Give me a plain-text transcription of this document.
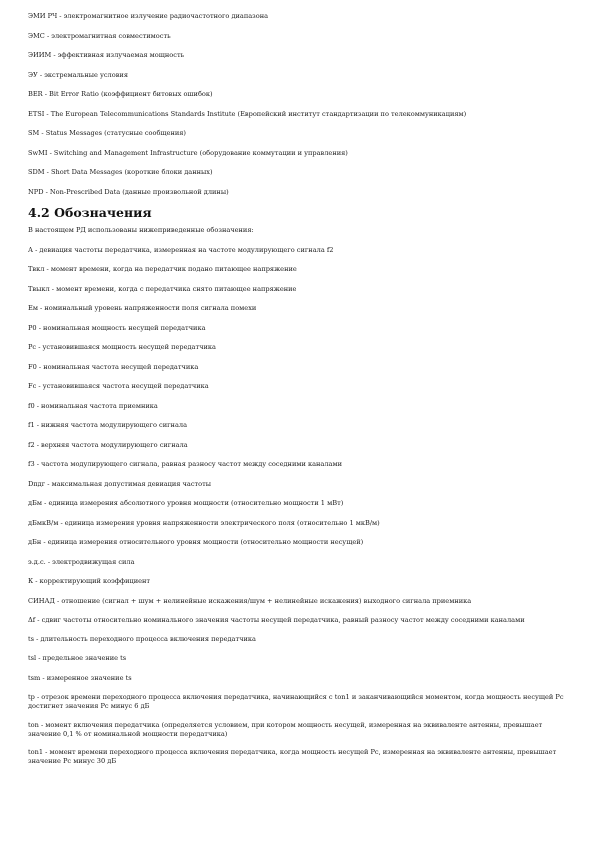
ЭМИ РЧ - электромагнитное излучение радиочастотного диапазона

ЭМС - электромагнитная совместимость

ЭИИМ - эффективная излучаемая мощность

ЭУ - экстремальные условия

BER - Bit Error Ratio (коэффициент битовых ошибок)

ETSI - The European Telecommunications Standards Institute (Европейский институт стандартизации по телекоммуникациям)

SM - Status Messages (статусные сообщения)

SwMI - Switching and Management Infrastructure (оборудование коммутации и управления)

SDM - Short Data Messages (короткие блоки данных)

NPD - Non-Prescribed Data (данные произвольной длины)

4.2 Обозначения

В настоящем РД использованы нижеприведенные обозначения:

А - девиация частоты передатчика, измеренная на частоте модулирующего сигнала f2

Tвкл - момент времени, когда на передатчик подано питающее напряжение

Tвыкл - момент времени, когда с передатчика снято питающее напряжение

Ем - номинальный уровень напряженности поля сигнала помехи

Р0 - номинальная мощность несущей передатчика

Рс - установившаяся мощность несущей передатчика

F0 - номинальная частота несущей передатчика

Fс - установившаяся частота несущей передатчика

f0 - номинальная частота приемника

f1 - нижняя частота модулирующего сигнала

f2 - верхняя частота модулирующего сигнала

f3 - частота модулирующего сигнала, равная разносу частот между соседними каналами

Dпдг - максимальная допустимая девиация частоты

дБм - единица измерения абсолютного уровня мощности (относительно мощности 1 мВт)

дБмкВ/м - единица измерения уровня напряженности электрического поля (относительно 1 мкВ/м)

дБн - единица измерения относительного уровня мощности (относительно мощности несущей)

э.д.с. - электродвижущая сила

К - корректирующий коэффициент

СИНАД - отношение (сигнал + шум + нелинейные искажения/шум + нелинейные искажения) выходного сигнала приемника

Δf - сдвиг частоты относительно номинального значения частоты несущей передатчика, равный разносу частот между соседними каналами

ts - длительность переходного процесса включения передатчика

tsl - предельное значение ts

tsm - измеренное значение ts

tp - отрезок времени переходного процесса включения передатчика, начинающийся с ton1 и заканчивающийся моментом, когда мощность несущей Рс достигнет значения Рс минус 6 дБ

ton - момент включения передатчика (определяется условием, при котором мощность несущей, измеренная на эквиваленте антенны, превышает значение 0,1 % от номинальной мощности передатчика)

ton1 - момент времени переходного процесса включения передатчика, когда мощность несущей Рс, измеренная на эквиваленте антенны, превышает значение Рс минус 30 дБ
